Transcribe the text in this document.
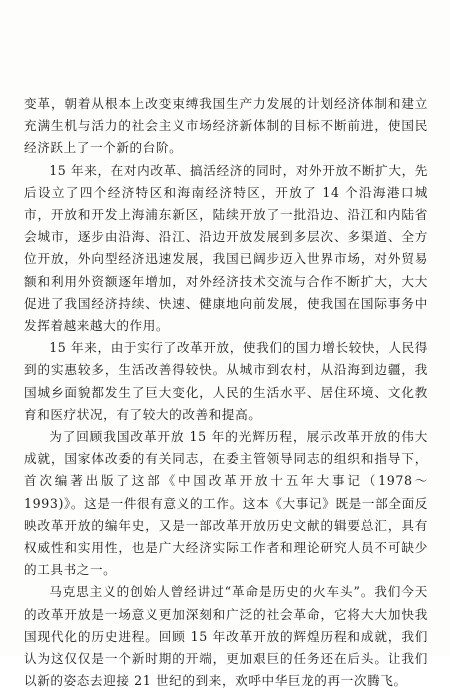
变革，朝着从根本上改变束缚我国生产力发展的计划经济体制和建立充满生机与活力的社会主义市场经济新体制的目标不断前进，使国民经济跃上了一个新的台阶。

15 年来，在对内改革、搞活经济的同时，对外开放不断扩大，先后设立了四个经济特区和海南经济特区，开放了 14 个沿海港口城市，开放和开发上海浦东新区，陆续开放了一批沿边、沿江和内陆省会城市，逐步由沿海、沿江、沿边开放发展到多层次、多渠道、全方位开放，外向型经济迅速发展，我国已阔步迈入世界市场，对外贸易额和利用外资额逐年增加，对外经济技术交流与合作不断扩大，大大促进了我国经济持续、快速、健康地向前发展，使我国在国际事务中发挥着越来越大的作用。

15 年来，由于实行了改革开放，使我们的国力增长较快，人民得到的实惠较多，生活改善得较快。从城市到农村，从沿海到边疆，我国城乡面貌都发生了巨大变化，人民的生活水平、居住环境、文化教育和医疗状况，有了较大的改善和提高。

为了回顾我国改革开放 15 年的光辉历程，展示改革开放的伟大成就，国家体改委的有关同志，在委主管领导同志的组织和指导下，首次编著出版了这部《中国改革开放十五年大事记（1978～1993)》。这是一件很有意义的工作。这本《大事记》既是一部全面反映改革开放的编年史，又是一部改革开放历史文献的辑要总汇，具有权威性和实用性，也是广大经济实际工作者和理论研究人员不可缺少的工具书之一。

马克思主义的创始人曾经讲过“革命是历史的火车头”。我们今天的改革开放是一场意义更加深刻和广泛的社会革命，它将大大加快我国现代化的历史进程。回顾 15 年改革开放的辉煌历程和成就，我们认为这仅仅是一个新时期的开端，更加艰巨的任务还在后头。让我们以新的姿态去迎接 21 世纪的到来，欢呼中华巨龙的再一次腾飞。
